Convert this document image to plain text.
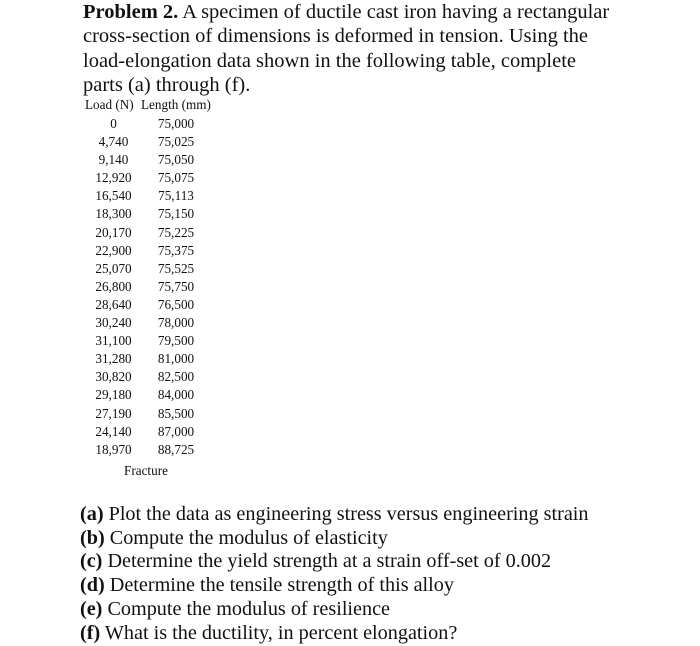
Problem 2. A specimen of ductile cast iron having a rectangular
cross-section of dimensions is deformed in tension. Using the
load-elongation data shown in the following table, complete
parts (a) through (f).
Load (N) Length (mm)
0	75,000
4,740	75,025
9,140	75,050
12,920	75,075
16,540	75,113
18,300	75,150
20,170	75,225
22,900	75,375
25,070	75,525
26,800	75,750
28,640	76,500
30,240	78,000
31,100	79,500
31,280	81,000
30,820	82,500
29,180	84,000
27,190	85,500
24,140	87,000
18,970	88,725
Fracture
(a) Plot the data as engineering stress versus engineering strain
(b) Compute the modulus of elasticity
(c) Determine the yield strength at a strain off-set of 0.002
(d) Determine the tensile strength of this alloy
(e) Compute the modulus of resilience
(f) What is the ductility, in percent elongation?
